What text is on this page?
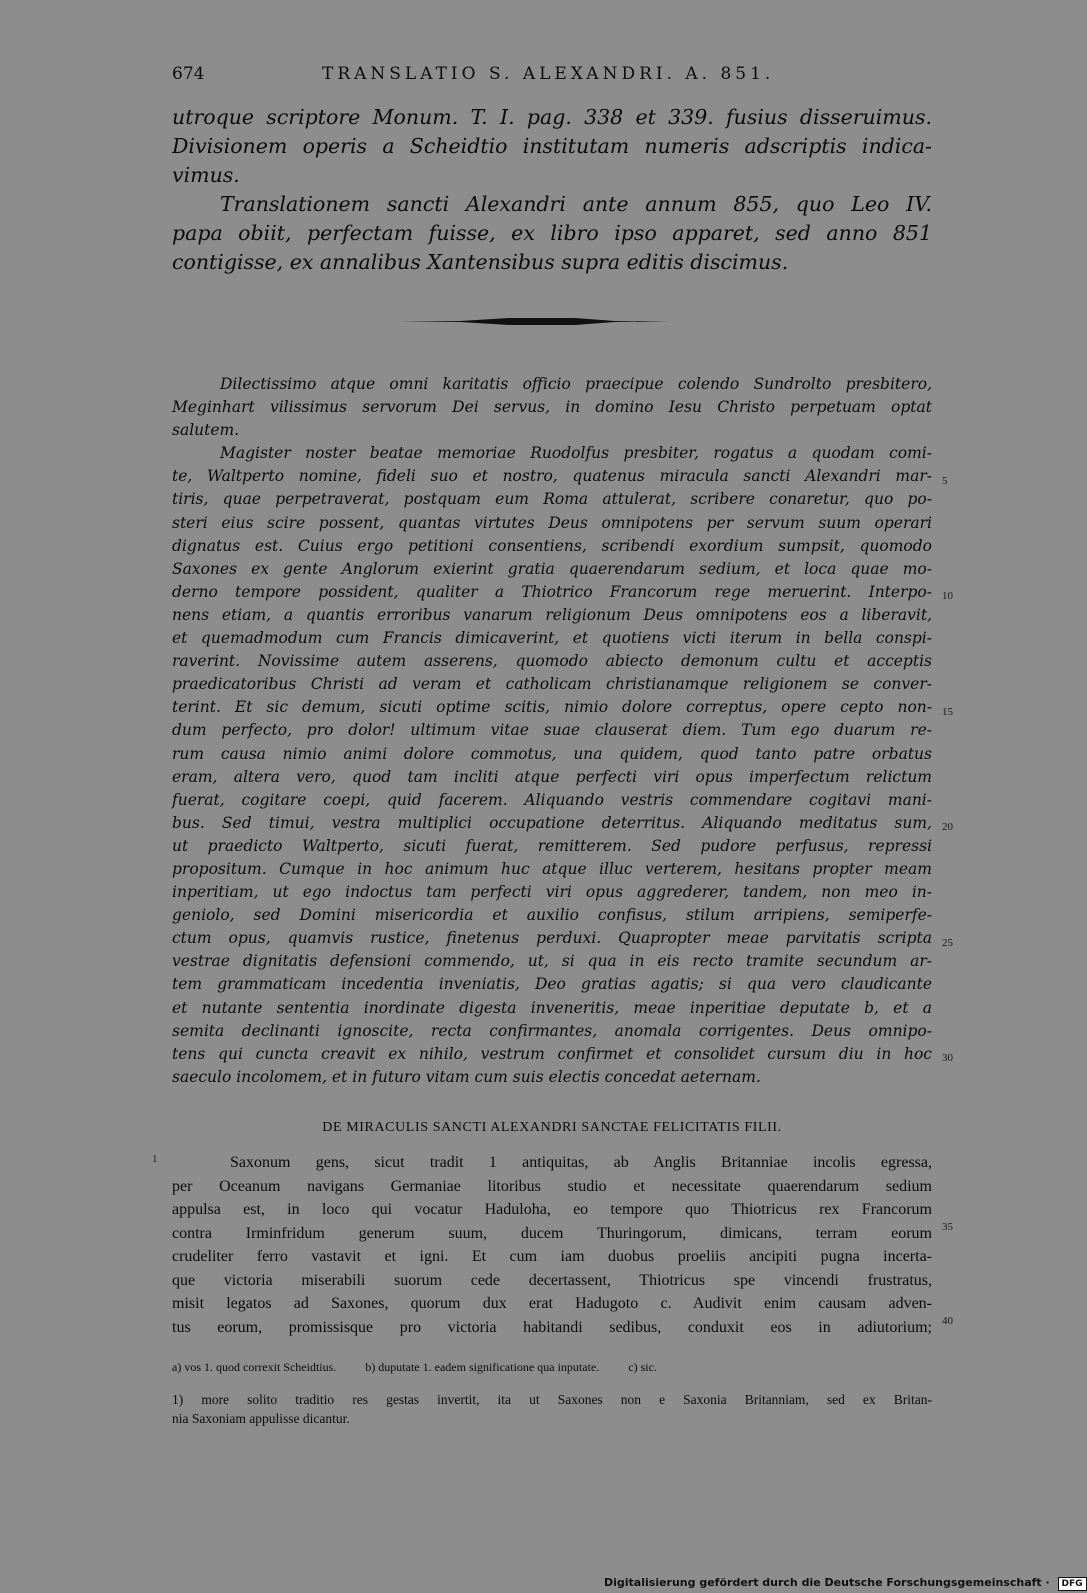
674	TRANSLATIO S. ALEXANDRI. A. 851.
utroque scriptore Monum. T. I. pag. 338 et 339. fusius disseruimus.
Divisionem operis a Scheidtio institutam numeris adscriptis indica-
vimus.
Translationem sancti Alexandri ante annum 855, quo Leo IV.
papa obiit, perfectam fuisse, ex libro ipso apparet, sed anno 851
contigisse, ex annalibus Xantensibus supra editis discimus.
Dilectissimo atque omni karitatis officio praecipue colendo Sundrolto presbitero,
Meginhart vilissimus servorum Dei servus, in domino Iesu Christo perpetuam optat
salutem.
Magister noster beatae memoriae Ruodolfus presbiter, rogatus a quodam comi-
te, Waltperto nomine, fideli suo et nostro, quatenus miracula sancti Alexandri mar-
tiris, quae perpetraverat, postquam eum Roma attulerat, scribere conaretur, quo po-
steri eius scire possent, quantas virtutes Deus omnipotens per servum suum operari
dignatus est. Cuius ergo petitioni consentiens, scribendi exordium sumpsit, quomodo
Saxones ex gente Anglorum exierint gratia quaerendarum sedium, et loca quae mo-
derno tempore possident, qualiter a Thiotrico Francorum rege meruerint. Interpo-
nens etiam, a quantis erroribus vanarum religionum Deus omnipotens eos a liberavit,
et quemadmodum cum Francis dimicaverint, et quotiens victi iterum in bella conspi-
raverint. Novissime autem asserens, quomodo abiecto demonum cultu et acceptis
praedicatoribus Christi ad veram et catholicam christianamque religionem se conver-
terint. Et sic demum, sicuti optime scitis, nimio dolore correptus, opere cepto non-
dum perfecto, pro dolor! ultimum vitae suae clauserat diem. Tum ego duarum re-
rum causa nimio animi dolore commotus, una quidem, quod tanto patre orbatus
eram, altera vero, quod tam incliti atque perfecti viri opus imperfectum relictum
fuerat, cogitare coepi, quid facerem. Aliquando vestris commendare cogitavi mani-
bus. Sed timui, vestra multiplici occupatione deterritus. Aliquando meditatus sum,
ut praedicto Waltperto, sicuti fuerat, remitterem. Sed pudore perfusus, repressi
propositum. Cumque in hoc animum huc atque illuc verterem, hesitans propter meam
inperitiam, ut ego indoctus tam perfecti viri opus aggrederer, tandem, non meo in-
geniolo, sed Domini misericordia et auxilio confisus, stilum arripiens, semiperfe-
ctum opus, quamvis rustice, finetenus perduxi. Quapropter meae parvitatis scripta
vestrae dignitatis defensioni commendo, ut, si qua in eis recto tramite secundum ar-
tem grammaticam incedentia inveniatis, Deo gratias agatis; si qua vero claudicante
et nutante sententia inordinate digesta inveneritis, meae inperitiae deputate b, et a
semita declinanti ignoscite, recta confirmantes, anomala corrigentes. Deus omnipo-
tens qui cuncta creavit ex nihilo, vestrum confirmet et consolidet cursum diu in hoc
saeculo incolomem, et in futuro vitam cum suis electis concedat aeternam.
5
10
15
20
25
30
DE MIRACULIS SANCTI ALEXANDRI SANCTAE FELICITATIS FILII.
1	Saxonum gens, sicut tradit 1 antiquitas, ab Anglis Britanniae incolis egressa,
per Oceanum navigans Germaniae litoribus studio et necessitate quaerendarum sedium
appulsa est, in loco qui vocatur Haduloha, eo tempore quo Thiotricus rex Francorum
contra Irminfridum generum suum, ducem Thuringorum, dimicans, terram eorum
crudeliter ferro vastavit et igni. Et cum iam duobus proeliis ancipiti pugna incerta-
que victoria miserabili suorum cede decertassent, Thiotricus spe vincendi frustratus,
misit legatos ad Saxones, quorum dux erat Hadugoto c. Audivit enim causam adven-
tus eorum, promissisque pro victoria habitandi sedibus, conduxit eos in adiutorium;
35
40
a) vos 1. quod correxit Scheidtius. b) duputate 1. eadem significatione qua inputate. c) sic.
1) more solito traditio res gestas invertit, ita ut Saxones non e Saxonia Britanniam, sed ex Britan-
nia Saxoniam appulisse dicantur.
Digitalisierung gefördert durch die Deutsche Forschungsgemeinschaft · DFG
